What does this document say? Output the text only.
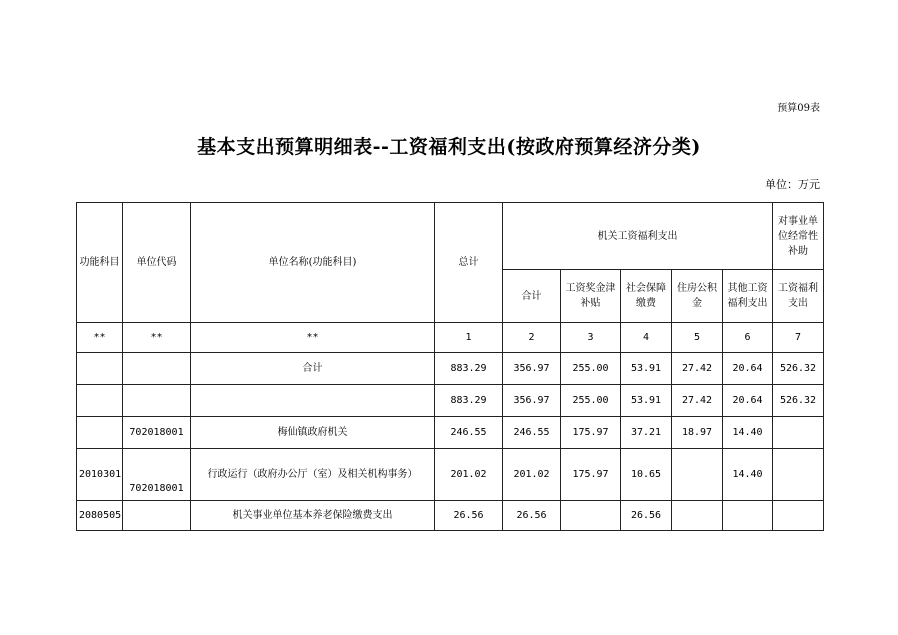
预算09表
基本支出预算明细表--工资福利支出(按政府预算经济分类)
单位：万元
功能科目	单位代码	单位名称(功能科目)	总计	机关工资福利支出					对事业单位经常性补助
				合计	工资奖金津补贴	社会保障缴费	住房公积金	其他工资福利支出	工资福利支出
**	**	**	1	2	3	4	5	6	7
		合计	883.29	356.97	255.00	53.91	27.42	20.64	526.32
			883.29	356.97	255.00	53.91	27.42	20.64	526.32
	702018001	梅仙镇政府机关	246.55	246.55	175.97	37.21	18.97	14.40	
2010301	702018001	行政运行（政府办公厅（室）及相关机构事务）	201.02	201.02	175.97	10.65		14.40	
2080505		机关事业单位基本养老保险缴费支出	26.56	26.56		26.56			
